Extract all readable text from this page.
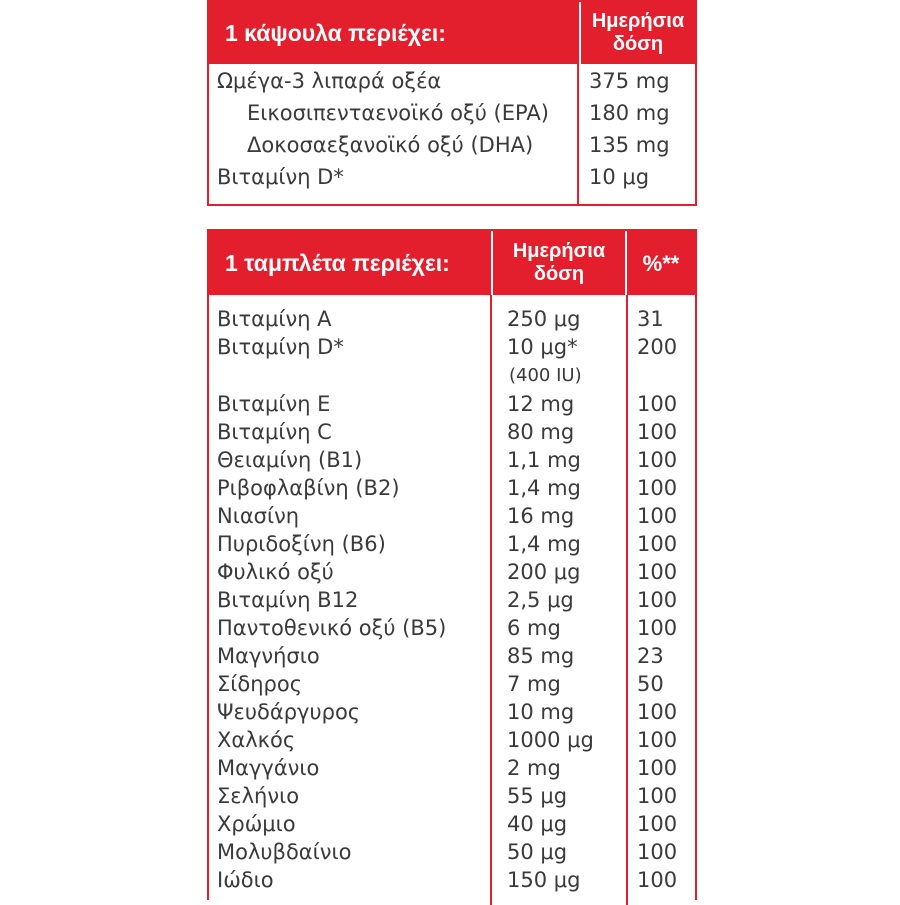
1 κάψουλα περιέχει:	Ημερήσια
δόση
Ωμέγα-3 λιπαρά οξέα	375 mg
Εικοσιπενταενοϊκό οξύ (EPA) 180 mg
Δοκοσαεξανοϊκό οξύ (DHA)	135 mg
Βιταμίνη D*	10 μg
1 ταμπλέτα περιέχει:	Ημερήσια
δόση	%**
Βιταμίνη A	250 μg	31
Βιταμίνη D*	10 μg*	200
(400 IU)
Βιταμίνη E	12 mg	100
Βιταμίνη C	80 mg	100
Θειαμίνη (B1)	1,1 mg	100
Ριβοφλαβίνη (B2)	1,4 mg	100
Νιασίνη	16 mg	100
Πυριδοξίνη (B6)	1,4 mg	100
Φυλικό οξύ	200 μg	100
Βιταμίνη B12	2,5 μg	100
Παντοθενικό οξύ (B5)	6 mg	100
Μαγνήσιο	85 mg	23
Σίδηρος	7 mg	50
Ψευδάργυρος	10 mg	100
Χαλκός	1000 μg 100
Μαγγάνιο	2 mg	100
Σελήνιο	55 μg	100
Χρώμιο	40 μg	100
Μολυβδαίνιο	50 μg	100
Ιώδιο	150 μg	100
